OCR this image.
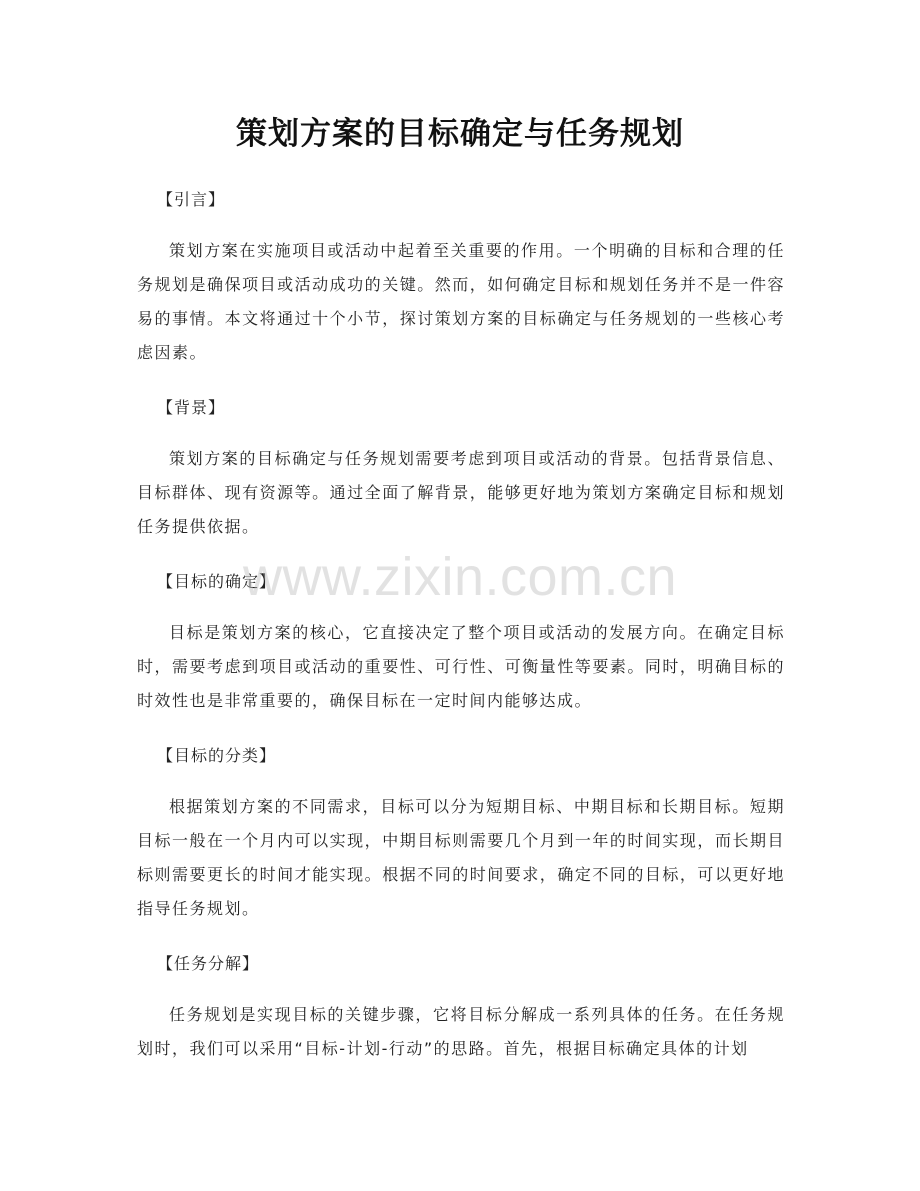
策划方案的目标确定与任务规划
【引言】

策划方案在实施项目或活动中起着至关重要的作用。一个明确的目标和合理的任务规划是确保项目或活动成功的关键。然而，如何确定目标和规划任务并不是一件容易的事情。本文将通过十个小节，探讨策划方案的目标确定与任务规划的一些核心考虑因素。

【背景】

策划方案的目标确定与任务规划需要考虑到项目或活动的背景。包括背景信息、目标群体、现有资源等。通过全面了解背景，能够更好地为策划方案确定目标和规划任务提供依据。

【目标的确定】

目标是策划方案的核心，它直接决定了整个项目或活动的发展方向。在确定目标时，需要考虑到项目或活动的重要性、可行性、可衡量性等要素。同时，明确目标的时效性也是非常重要的，确保目标在一定时间内能够达成。

【目标的分类】

根据策划方案的不同需求，目标可以分为短期目标、中期目标和长期目标。短期目标一般在一个月内可以实现，中期目标则需要几个月到一年的时间实现，而长期目标则需要更长的时间才能实现。根据不同的时间要求，确定不同的目标，可以更好地指导任务规划。

【任务分解】

任务规划是实现目标的关键步骤，它将目标分解成一系列具体的任务。在任务规划时，我们可以采用“目标-计划-行动”的思路。首先，根据目标确定具体的计划

www.zixin.com.cn
